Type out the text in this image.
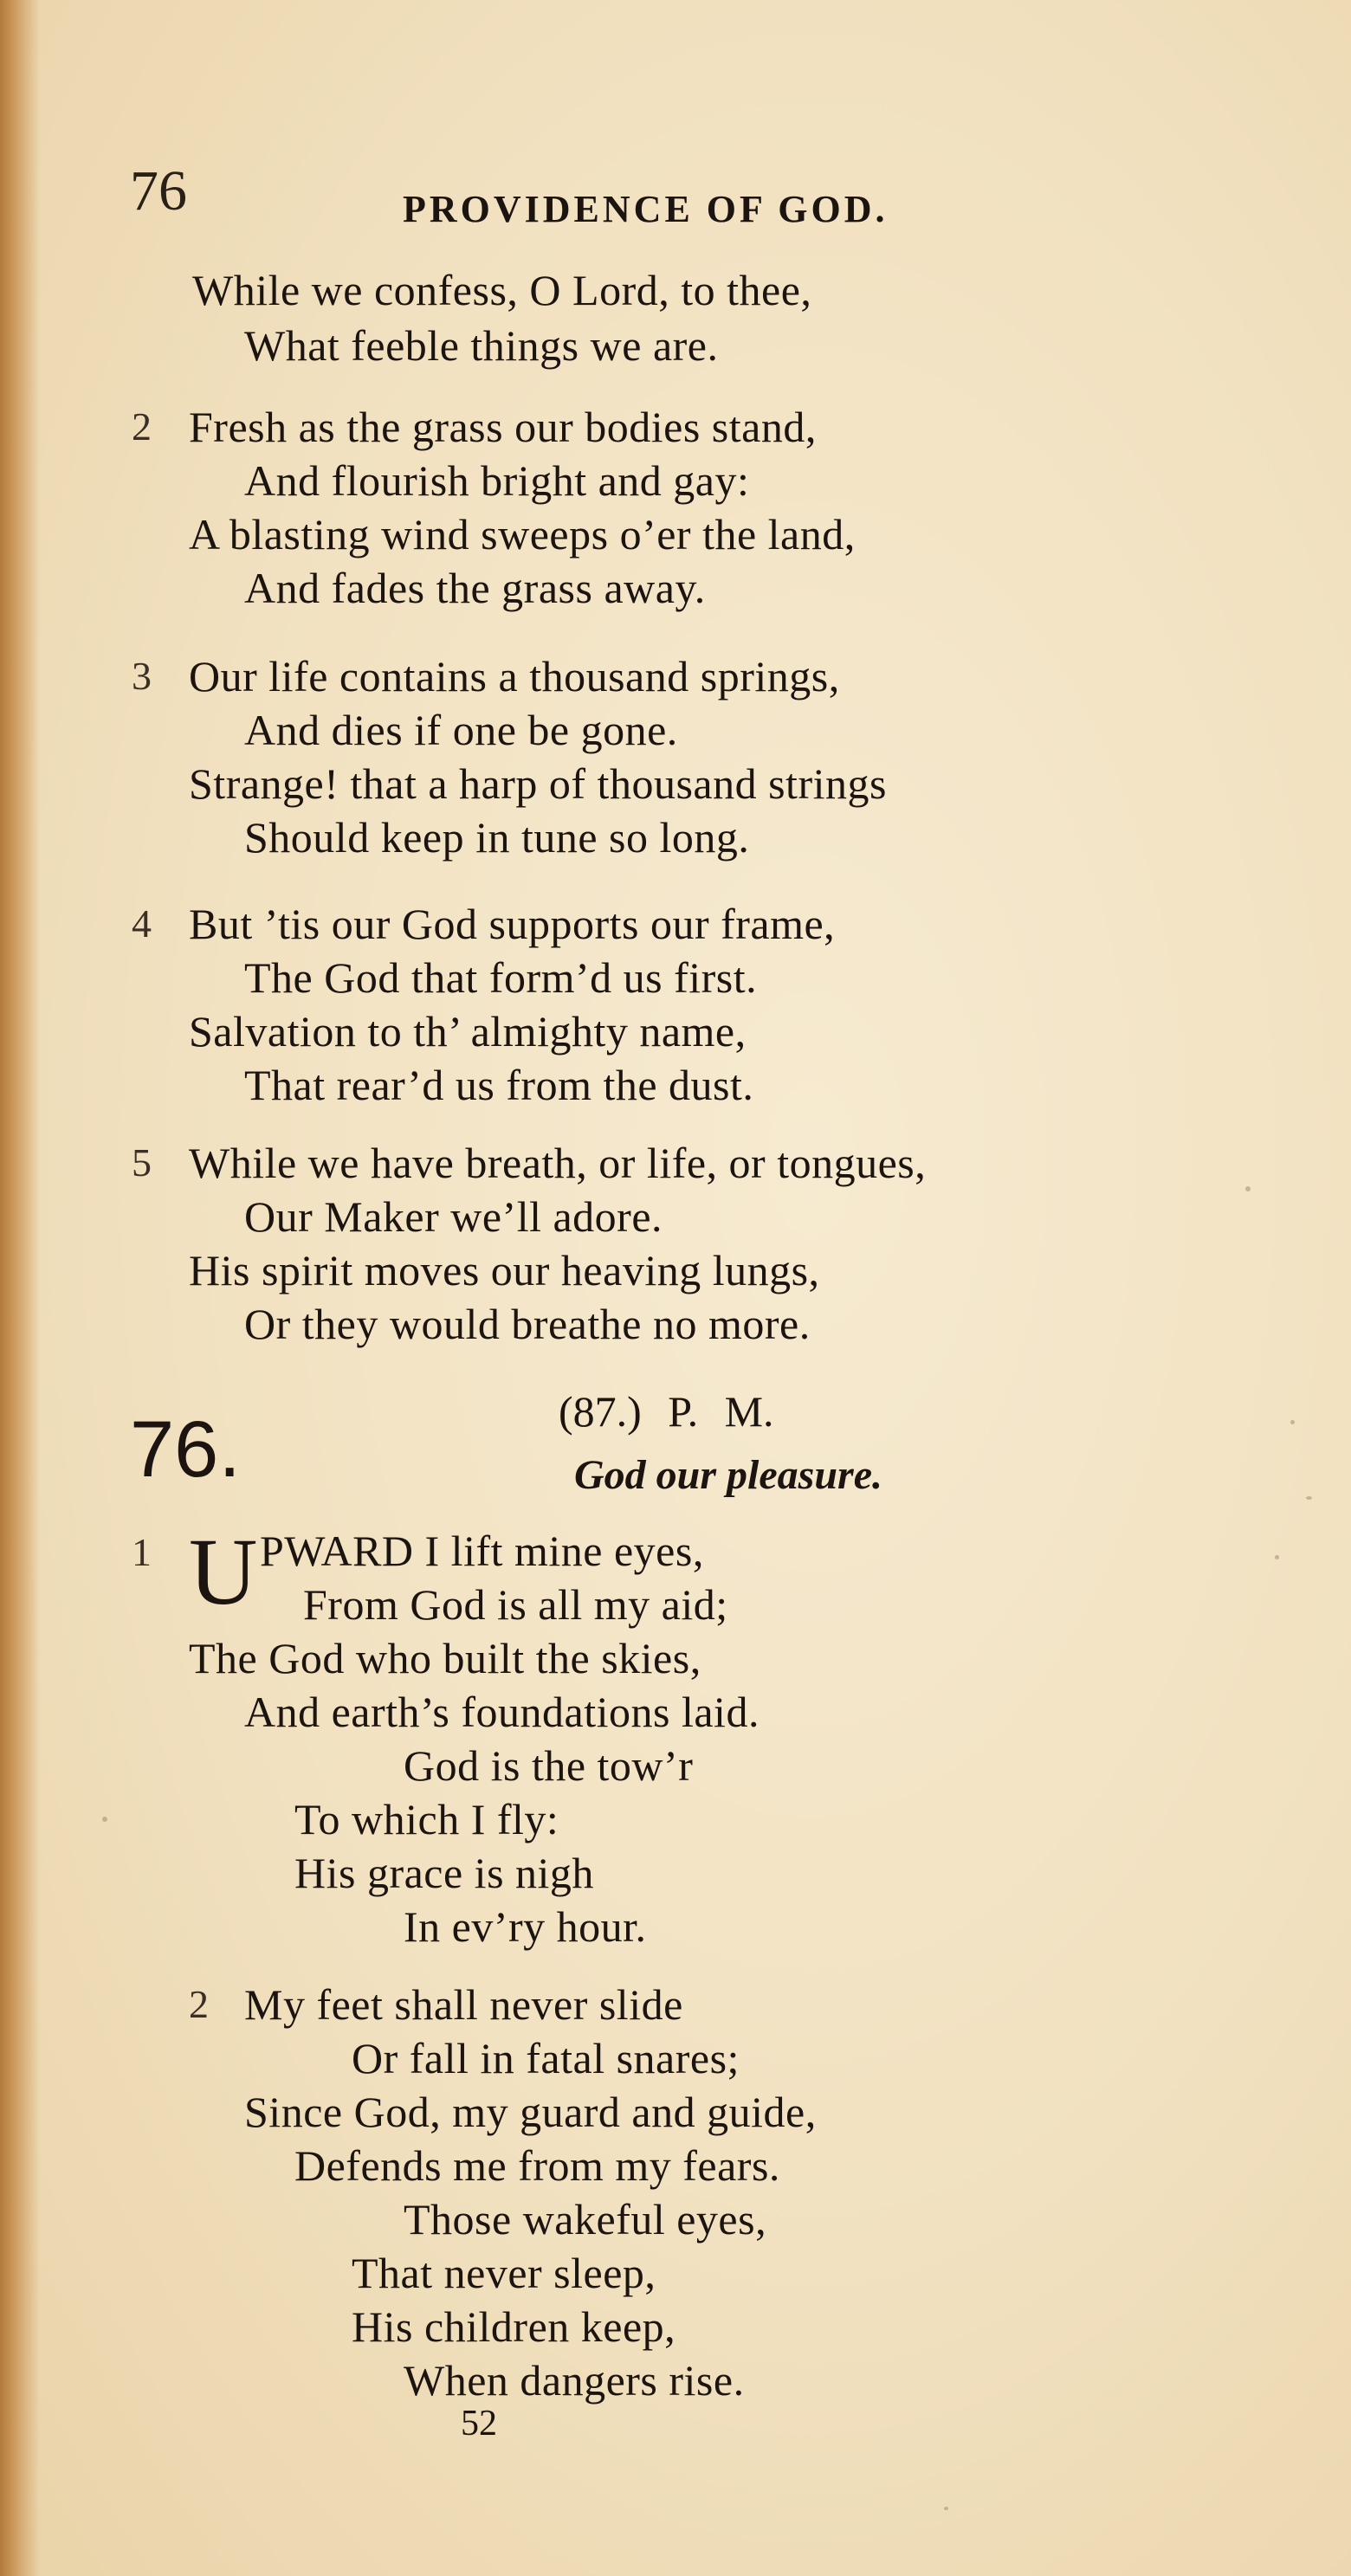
76	PROVIDENCE OF GOD.
While we confess, O Lord, to thee,
What feeble things we are.
2 Fresh as the grass our bodies stand,
And flourish bright and gay:
A blasting wind sweeps o’er the land,
And fades the grass away.
3 Our life contains a thousand springs,
And dies if one be gone.
Strange! that a harp of thousand strings
Should keep in tune so long.
4 But ’tis our God supports our frame,
The God that form’d us first.
Salvation to th’ almighty name,
That rear’d us from the dust.
5 While we have breath, or life, or tongues,
Our Maker we’ll adore.
His spirit moves our heaving lungs,
Or they would breathe no more.
76.	(87.) P. M.
God our pleasure.
1 U PWARD I lift mine eyes,
From God is all my aid;
The God who built the skies,
And earth’s foundations laid.
God is the tow’r
To which I fly:
His grace is nigh
In ev’ry hour.
2 My feet shall never slide
Or fall in fatal snares;
Since God, my guard and guide,
Defends me from my fears.
Those wakeful eyes,
That never sleep,
His children keep,
When dangers rise.
52
